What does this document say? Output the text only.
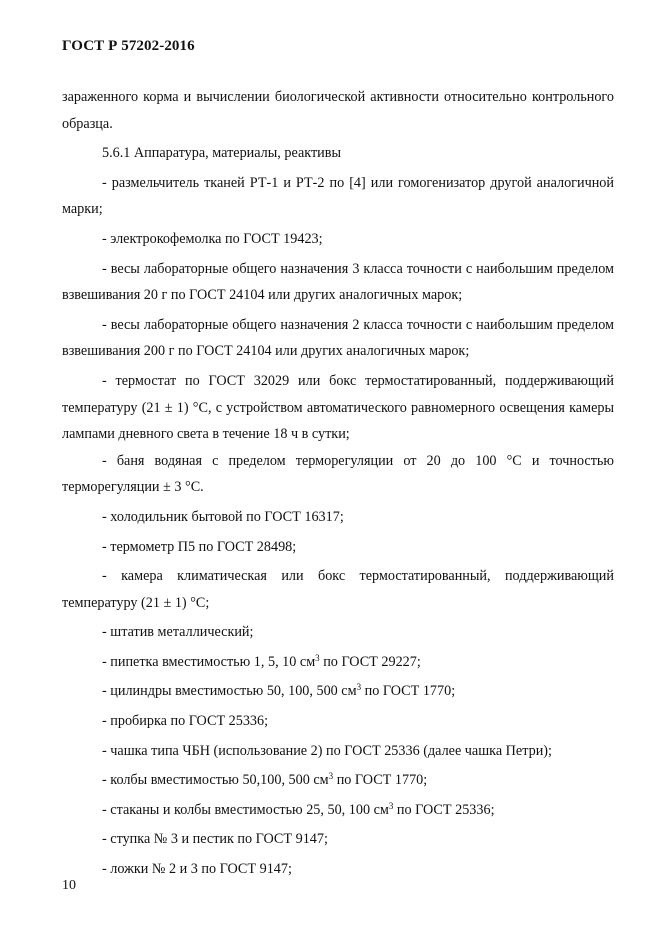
ГОСТ Р 57202-2016

зараженного корма и вычислении биологической активности относительно контрольного образца.

5.6.1 Аппаратура, материалы, реактивы

- размельчитель тканей РТ-1 и РТ-2 по [4] или гомогенизатор другой аналогичной марки;

- электрокофемолка по ГОСТ 19423;

- весы лабораторные общего назначения 3 класса точности с наибольшим пределом взвешивания 20 г по ГОСТ 24104 или других аналогичных марок;

- весы лабораторные общего назначения 2 класса точности с наибольшим пределом взвешивания 200 г по ГОСТ 24104 или других аналогичных марок;

- термостат по ГОСТ 32029 или бокс термостатированный, поддерживающий температуру (21 ± 1) °С, с устройством автоматического равномерного освещения камеры лампами дневного света в течение 18 ч в сутки;

- баня водяная с пределом терморегуляции от 20 до 100 °С и точностью терморегуляции ± 3 °С.

- холодильник бытовой по ГОСТ 16317;

- термометр П5 по ГОСТ 28498;

- камера климатическая или бокс термостатированный, поддерживающий температуру (21 ± 1) °С;

- штатив металлический;

- пипетка вместимостью 1, 5, 10 $см^3$ по ГОСТ 29227;

- цилиндры вместимостью 50, 100, 500 $см^3$ по ГОСТ 1770;

- пробирка по ГОСТ 25336;

- чашка типа ЧБН (использование 2) по ГОСТ 25336 (далее чашка Петри);

- колбы вместимостью 50,100, 500 $см^3$ по ГОСТ 1770;

- стаканы и колбы вместимостью 25, 50, 100 $см^3$ по ГОСТ 25336;

- ступка № 3 и пестик по ГОСТ 9147;

- ложки № 2 и 3 по ГОСТ 9147;

10
